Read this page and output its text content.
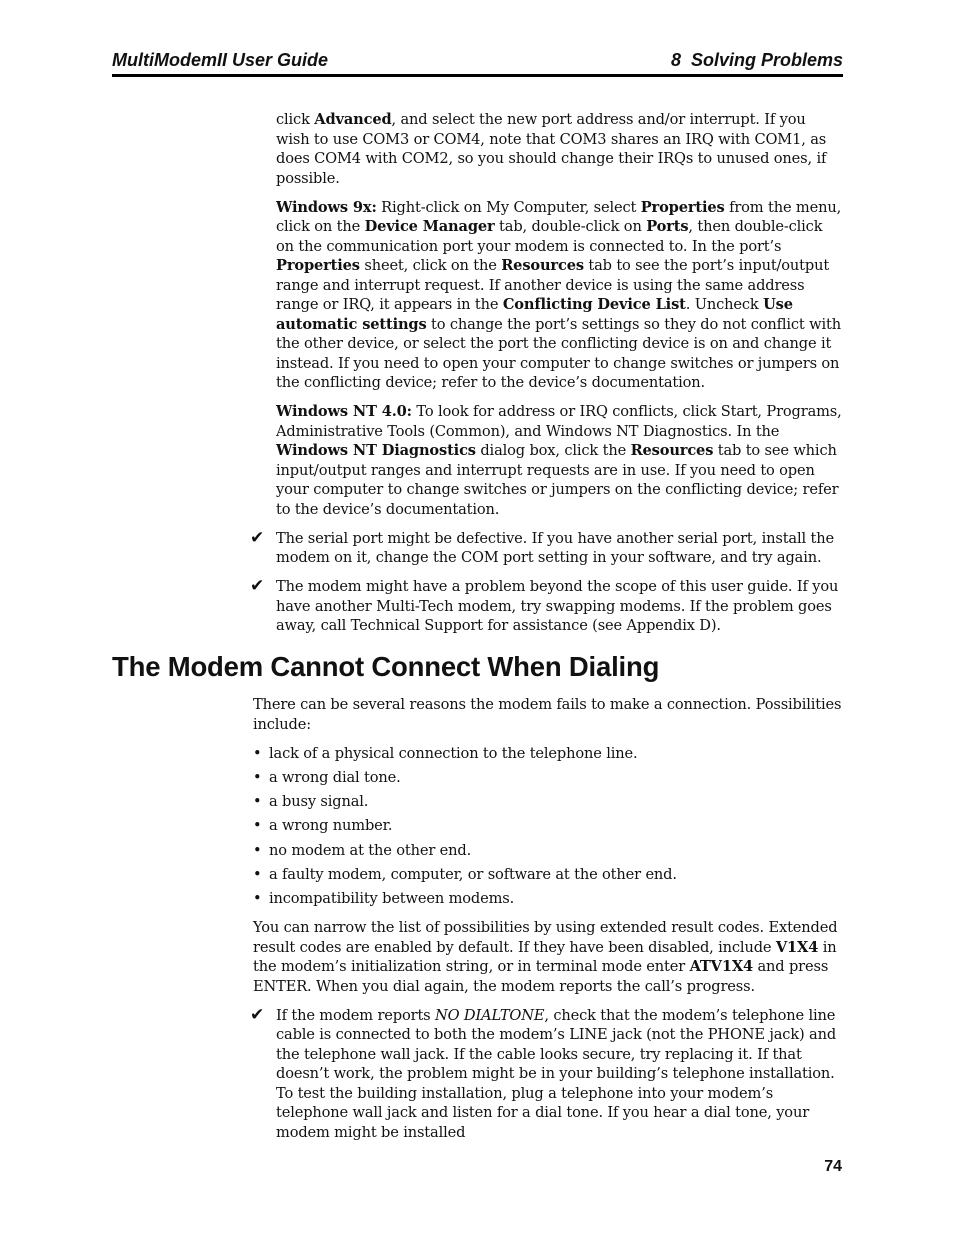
MultiModemII User Guide	8 Solving Problems

click Advanced, and select the new port address and/or interrupt. If you wish to use COM3 or COM4, note that COM3 shares an IRQ with COM1, as does COM4 with COM2, so you should change their IRQs to unused ones, if possible.

Windows 9x: Right-click on My Computer, select Properties from the menu, click on the Device Manager tab, double-click on Ports, then double-click on the communication port your modem is connected to. In the port’s Properties sheet, click on the Resources tab to see the port’s input/output range and interrupt request. If another device is using the same address range or IRQ, it appears in the Conflicting Device List. Uncheck Use automatic settings to change the port’s settings so they do not conflict with the other device, or select the port the conflicting device is on and change it instead. If you need to open your computer to change switches or jumpers on the conflicting device; refer to the device’s documentation.

Windows NT 4.0: To look for address or IRQ conflicts, click Start, Programs, Administrative Tools (Common), and Windows NT Diagnostics. In the Windows NT Diagnostics dialog box, click the Resources tab to see which input/output ranges and interrupt requests are in use. If you need to open your computer to change switches or jumpers on the conflicting device; refer to the device’s documentation.

✔ The serial port might be defective. If you have another serial port, install the modem on it, change the COM port setting in your software, and try again.

✔ The modem might have a problem beyond the scope of this user guide. If you have another Multi-Tech modem, try swapping modems. If the problem goes away, call Technical Support for assistance (see Appendix D).

The Modem Cannot Connect When Dialing

There can be several reasons the modem fails to make a connection. Possibilities include:

• lack of a physical connection to the telephone line.
• a wrong dial tone.
• a busy signal.
• a wrong number.
• no modem at the other end.
• a faulty modem, computer, or software at the other end.
• incompatibility between modems.

You can narrow the list of possibilities by using extended result codes. Extended result codes are enabled by default. If they have been disabled, include V1X4 in the modem’s initialization string, or in terminal mode enter ATV1X4 and press ENTER. When you dial again, the modem reports the call’s progress.

✔ If the modem reports NO DIALTONE, check that the modem’s telephone line cable is connected to both the modem’s LINE jack (not the PHONE jack) and the telephone wall jack. If the cable looks secure, try replacing it. If that doesn’t work, the problem might be in your building’s telephone installation. To test the building installation, plug a telephone into your modem’s telephone wall jack and listen for a dial tone. If you hear a dial tone, your modem might be installed

74
